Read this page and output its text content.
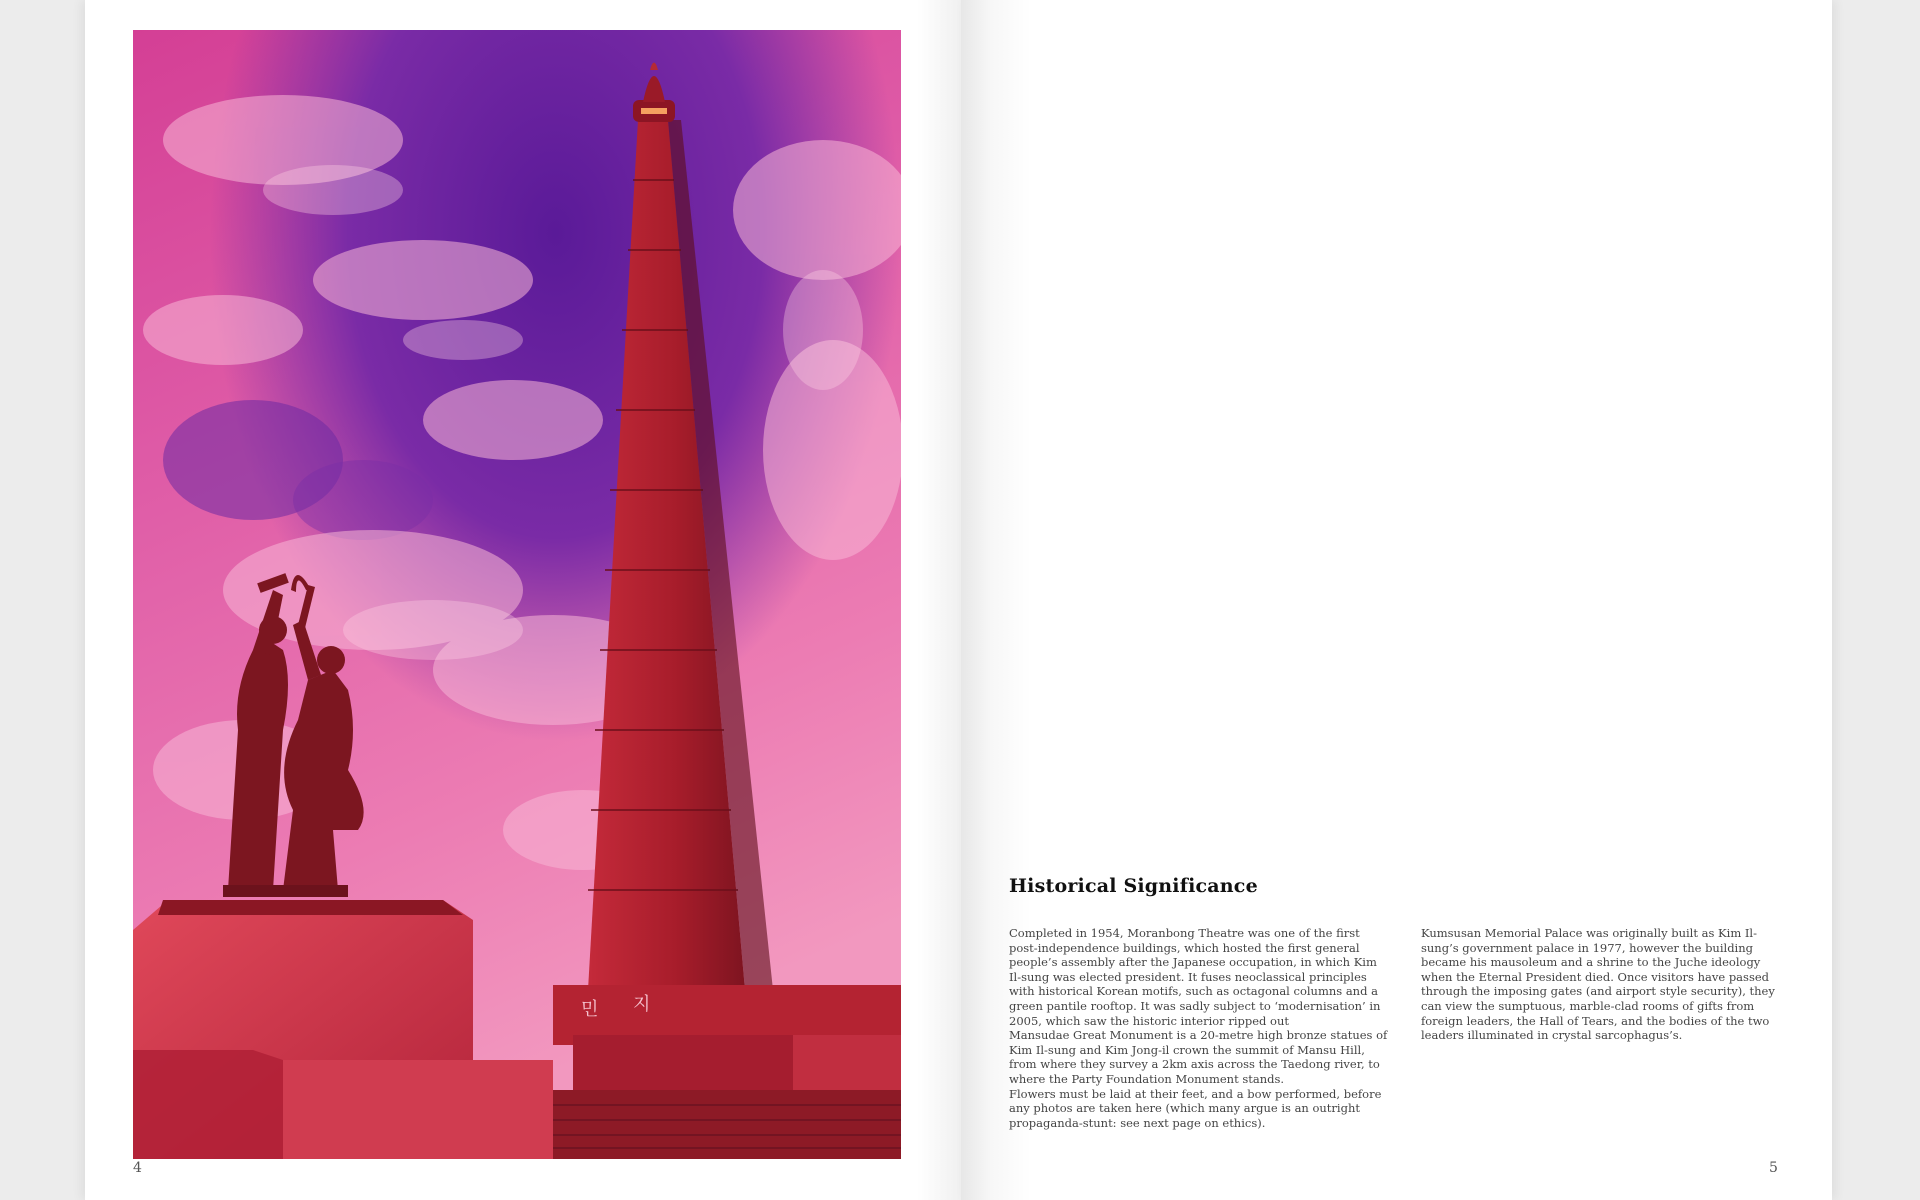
민 지
4
Historical Significance

Completed in 1954, Moranbong Theatre was one of the first post-independence buildings, which hosted the first general people’s assembly after the Japanese occupation, in which Kim Il-sung was elected president. It fuses neoclassical principles with historical Korean motifs, such as octagonal columns and a green pantile rooftop. It was sadly subject to ‘modernisation’ in 2005, which saw the historic interior ripped out

Mansudae Great Monument is a 20-metre high bronze statues of Kim Il-sung and Kim Jong-il crown the summit of Mansu Hill, from where they survey a 2km axis across the Taedong river, to where the Party Foundation Monument stands.

Flowers must be laid at their feet, and a bow performed, before any photos are taken here (which many argue is an outright propaganda-stunt: see next page on ethics).

Kumsusan Memorial Palace was originally built as Kim Il-sung’s government palace in 1977, however the building became his mausoleum and a shrine to the Juche ideology when the Eternal President died. Once visitors have passed through the imposing gates (and airport style security), they can view the sumptuous, marble-clad rooms of gifts from foreign leaders, the Hall of Tears, and the bodies of the two leaders illuminated in crystal sarcophagus’s.

5
